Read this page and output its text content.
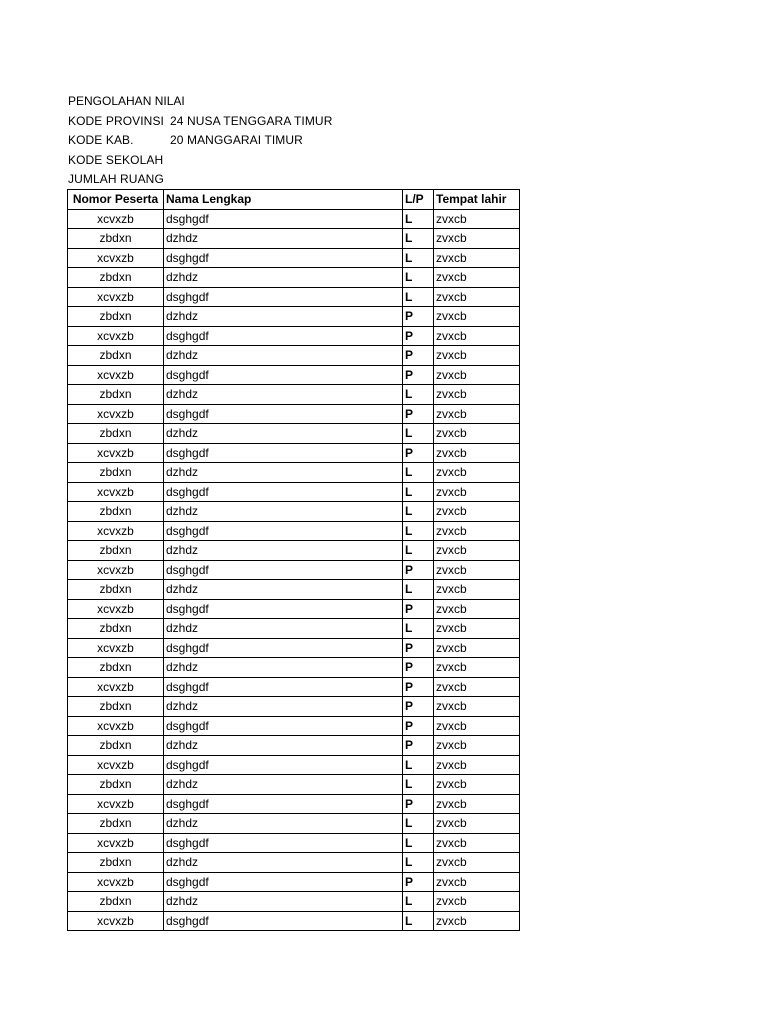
PENGOLAHAN NILAI
KODE PROVINSI 24 NUSA TENGGARA TIMUR
KODE KAB.	20 MANGGARAI TIMUR
KODE SEKOLAH
JUMLAH RUANG
Nomor Peserta	Nama Lengkap	L/P	Tempat lahir
xcvxzb	dsghgdf	L	zvxcb
zbdxn	dzhdz	L	zvxcb
xcvxzb	dsghgdf	L	zvxcb
zbdxn	dzhdz	L	zvxcb
xcvxzb	dsghgdf	L	zvxcb
zbdxn	dzhdz	P	zvxcb
xcvxzb	dsghgdf	P	zvxcb
zbdxn	dzhdz	P	zvxcb
xcvxzb	dsghgdf	P	zvxcb
zbdxn	dzhdz	L	zvxcb
xcvxzb	dsghgdf	P	zvxcb
zbdxn	dzhdz	L	zvxcb
xcvxzb	dsghgdf	P	zvxcb
zbdxn	dzhdz	L	zvxcb
xcvxzb	dsghgdf	L	zvxcb
zbdxn	dzhdz	L	zvxcb
xcvxzb	dsghgdf	L	zvxcb
zbdxn	dzhdz	L	zvxcb
xcvxzb	dsghgdf	P	zvxcb
zbdxn	dzhdz	L	zvxcb
xcvxzb	dsghgdf	P	zvxcb
zbdxn	dzhdz	L	zvxcb
xcvxzb	dsghgdf	P	zvxcb
zbdxn	dzhdz	P	zvxcb
xcvxzb	dsghgdf	P	zvxcb
zbdxn	dzhdz	P	zvxcb
xcvxzb	dsghgdf	P	zvxcb
zbdxn	dzhdz	P	zvxcb
xcvxzb	dsghgdf	L	zvxcb
zbdxn	dzhdz	L	zvxcb
xcvxzb	dsghgdf	P	zvxcb
zbdxn	dzhdz	L	zvxcb
xcvxzb	dsghgdf	L	zvxcb
zbdxn	dzhdz	L	zvxcb
xcvxzb	dsghgdf	P	zvxcb
zbdxn	dzhdz	L	zvxcb
xcvxzb	dsghgdf	L	zvxcb
